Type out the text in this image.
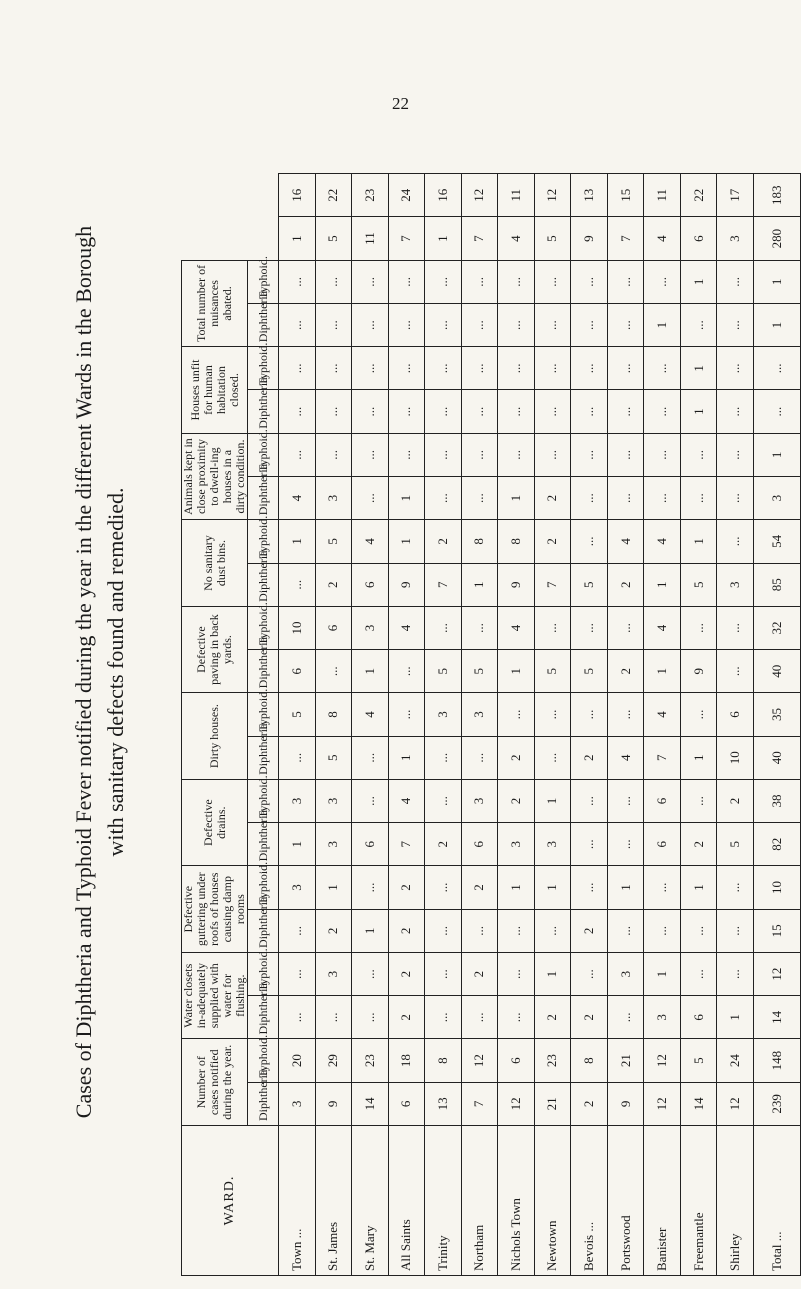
22
Cases of Diphtheria and Typhoid Fever notified during the year in the different Wards in the Borough with sanitary defects found and remedied.
WARD.	Number of cases notified during the year.		Water closets in-adequately supplied with water for flushing.		Defective guttering under roofs of houses causing damp rooms		Defective drains.		Dirty houses.		Defective paving in back yards.		No sanitary dust bins.		Animals kept in close proximity to dwell-ing houses in a dirty condition.		Houses unfit for human habitation closed.		Total number of nuisances abated.			
	Diphtheria.	Typhoid.	Diphtheria.	Typhoid.	Diphtheria.	Typhoid.	Diphtheria.	Typhoid.	Diphtheria.	Typhoid.	Diphtheria.	Typhoid.	Diphtheria.	Typhoid.	Diphtheria.	Typhoid.	Diphtheria.	Typhoid.	Diphtheria.	Typhoid.		
Town ...	3	20	...	...	...	3	1	3	...	5	6	10	...	1	4	...	...	...	...	...	1	16
St. James	9	29	...	3	2	1	3	3	5	8	...	6	2	5	3	...	...	...	...	...	5	22
St. Mary	14	23	...	...	1	...	6	...	...	4	1	3	6	4	...	...	...	...	...	...	11	23
All Saints	6	18	2	2	2	2	7	4	1	...	...	4	9	1	1	...	...	...	...	...	7	24
Trinity	13	8	...	...	...	...	2	...	...	3	5	...	7	2	...	...	...	...	...	...	1	16
Northam	7	12	...	2	...	2	6	3	...	3	5	...	1	8	...	...	...	...	...	...	7	12
Nichols Town	12	6	...	...	...	1	3	2	2	...	1	4	9	8	1	...	...	...	...	...	4	11
Newtown	21	23	2	1	...	1	3	1	...	...	5	...	7	2	2	...	...	...	...	...	5	12
Bevois ...	2	8	2	...	2	...	...	...	2	...	5	...	5	...	...	...	...	...	...	...	9	13
Portswood	9	21	...	3	...	1	...	...	4	...	2	...	2	4	...	...	...	...	...	...	7	15
Banister	12	12	3	1	...	...	6	6	7	4	1	4	1	4	...	...	...	...	1	...	4	11
Freemantle	14	5	6	...	...	1	2	...	1	...	9	...	5	1	...	...	1	1	...	1	6	22
Shirley	12	24	1	...	...	...	5	2	10	6	...	...	3	...	...	...	...	...	...	...	3	17
Total ...	239	148	14	12	15	10	82	38	40	35	40	32	85	54	3	1	...	...	1	1	280	183
